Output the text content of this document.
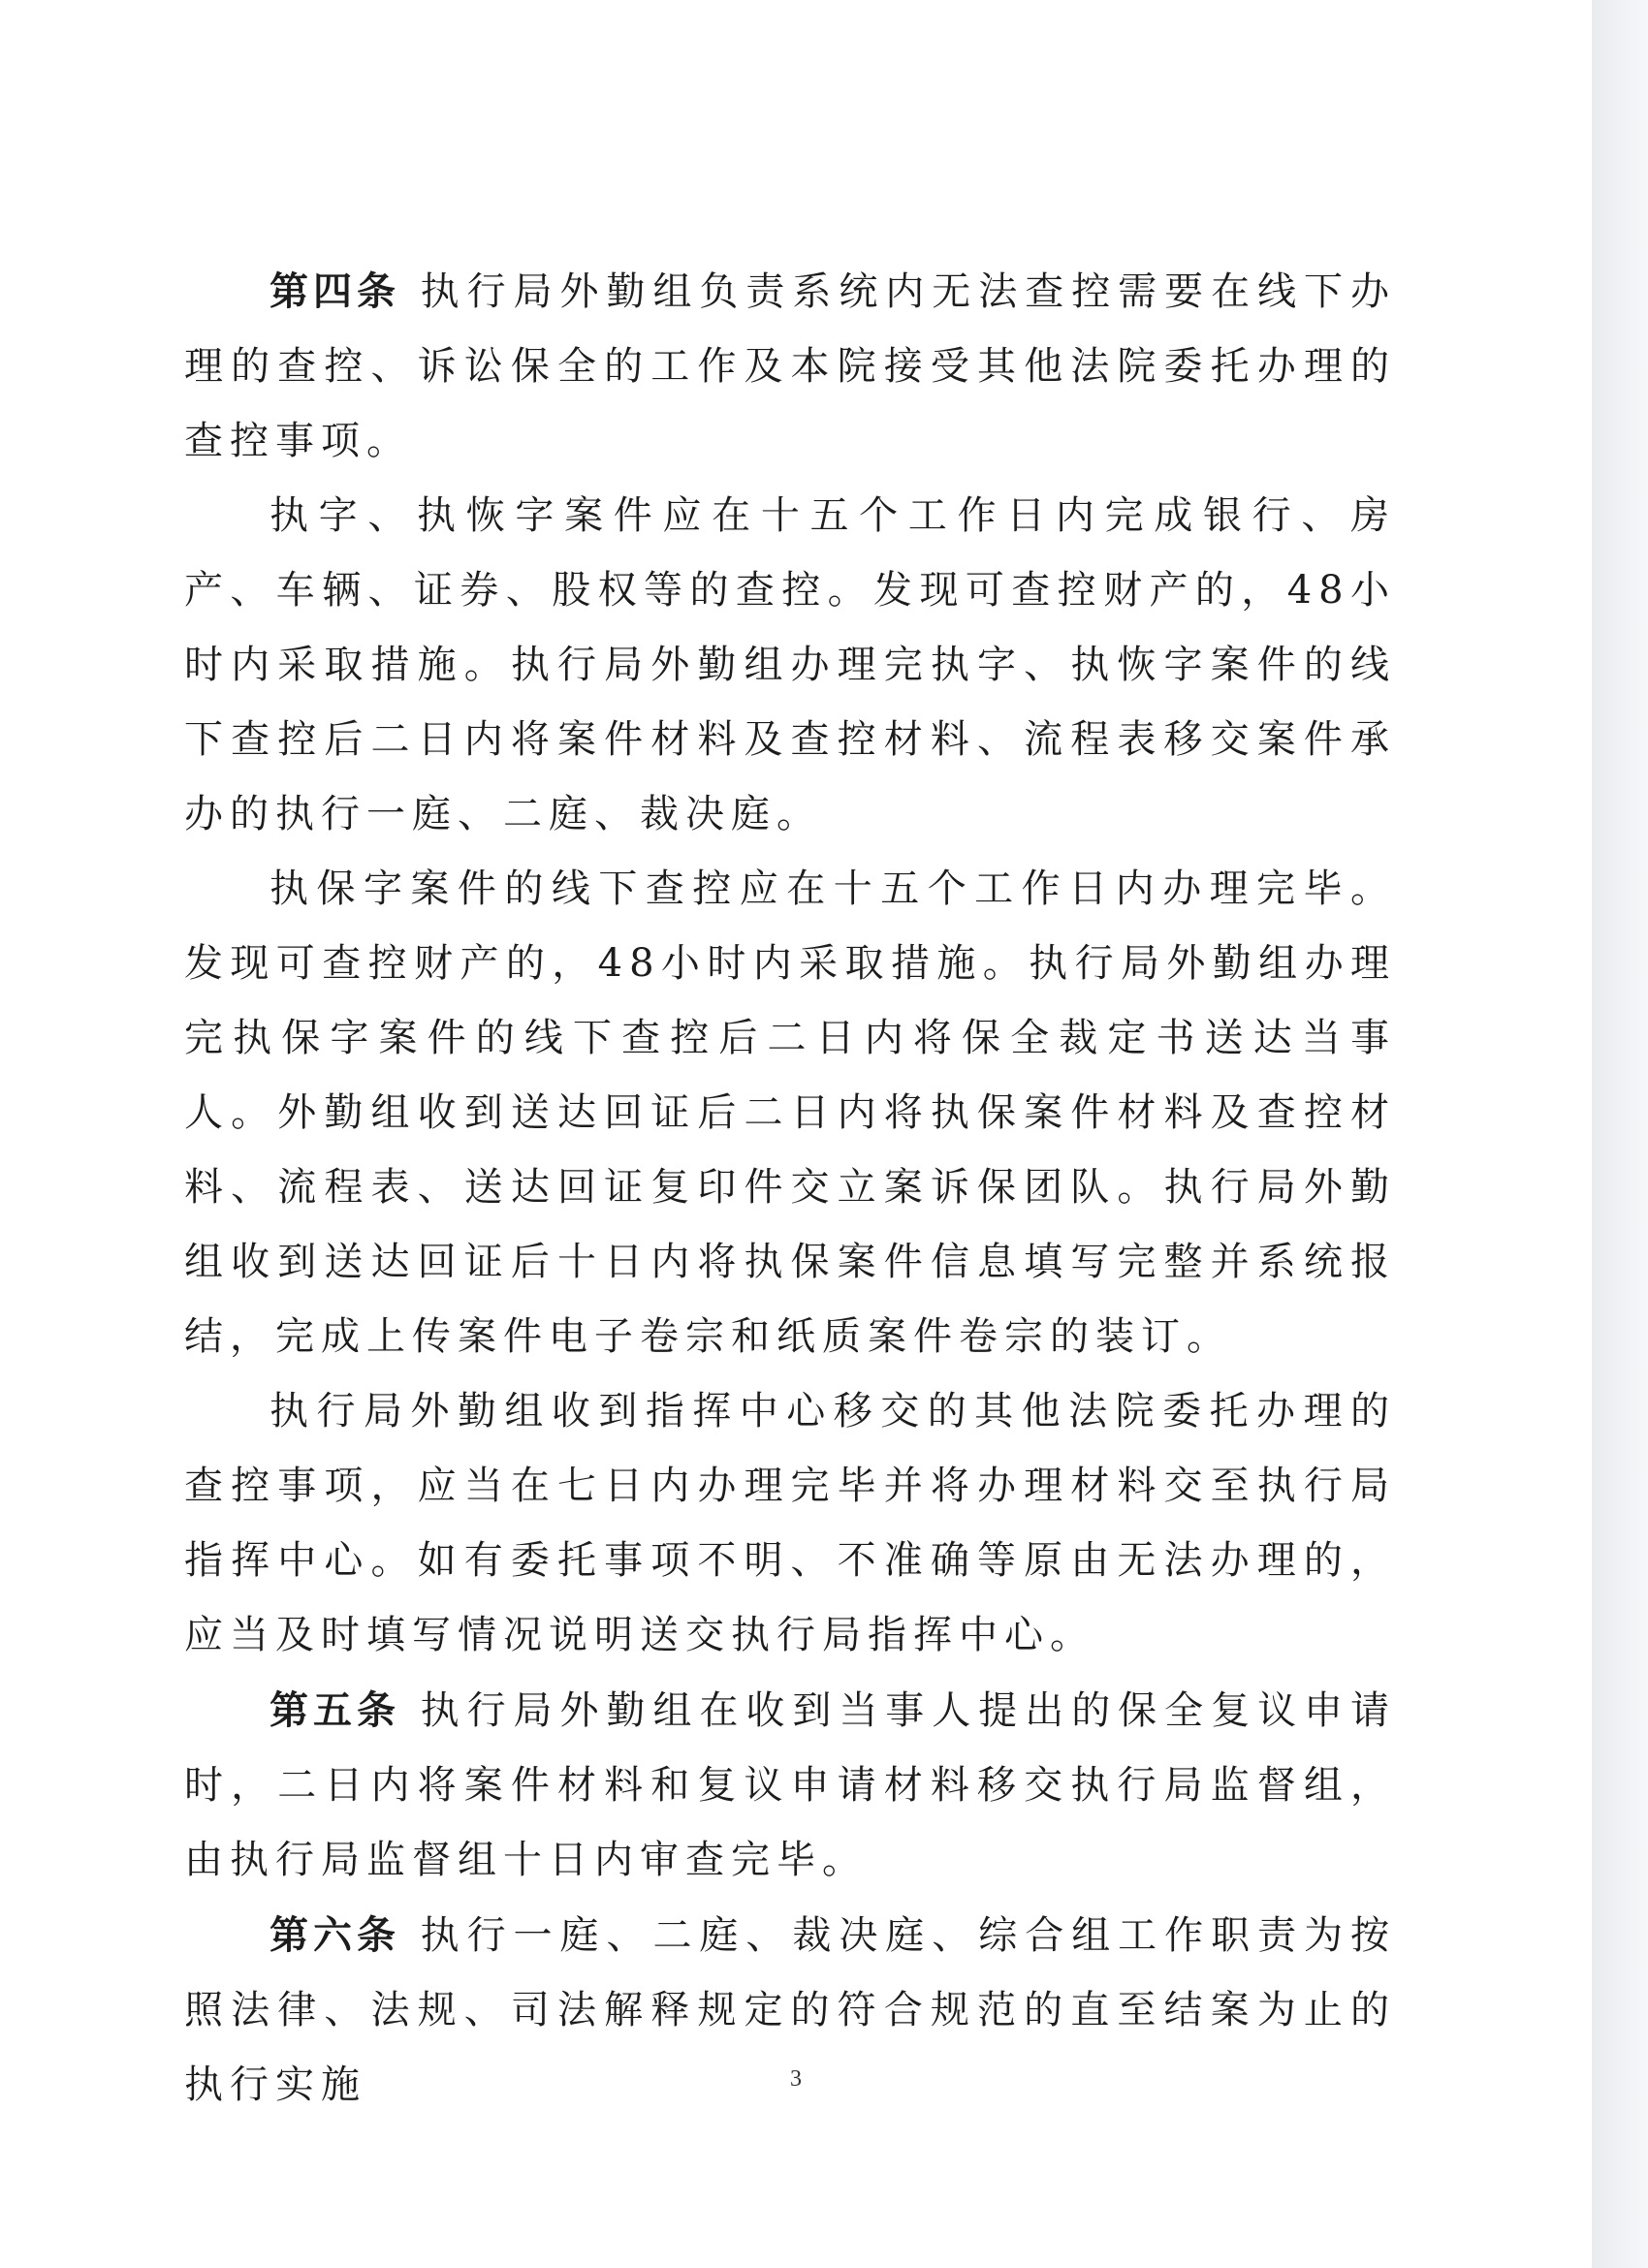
第四条 执行局外勤组负责系统内无法查控需要在线下办理的查控、诉讼保全的工作及本院接受其他法院委托办理的查控事项。

执字、执恢字案件应在十五个工作日内完成银行、房产、车辆、证券、股权等的查控。发现可查控财产的，48小时内采取措施。执行局外勤组办理完执字、执恢字案件的线下查控后二日内将案件材料及查控材料、流程表移交案件承办的执行一庭、二庭、裁决庭。

执保字案件的线下查控应在十五个工作日内办理完毕。发现可查控财产的，48小时内采取措施。执行局外勤组办理完执保字案件的线下查控后二日内将保全裁定书送达当事人。外勤组收到送达回证后二日内将执保案件材料及查控材料、流程表、送达回证复印件交立案诉保团队。执行局外勤组收到送达回证后十日内将执保案件信息填写完整并系统报结，完成上传案件电子卷宗和纸质案件卷宗的装订。

执行局外勤组收到指挥中心移交的其他法院委托办理的查控事项，应当在七日内办理完毕并将办理材料交至执行局指挥中心。如有委托事项不明、不准确等原由无法办理的，应当及时填写情况说明送交执行局指挥中心。

第五条 执行局外勤组在收到当事人提出的保全复议申请时，二日内将案件材料和复议申请材料移交执行局监督组，由执行局监督组十日内审查完毕。

第六条 执行一庭、二庭、裁决庭、综合组工作职责为按照法律、法规、司法解释规定的符合规范的直至结案为止的执行实施	3
